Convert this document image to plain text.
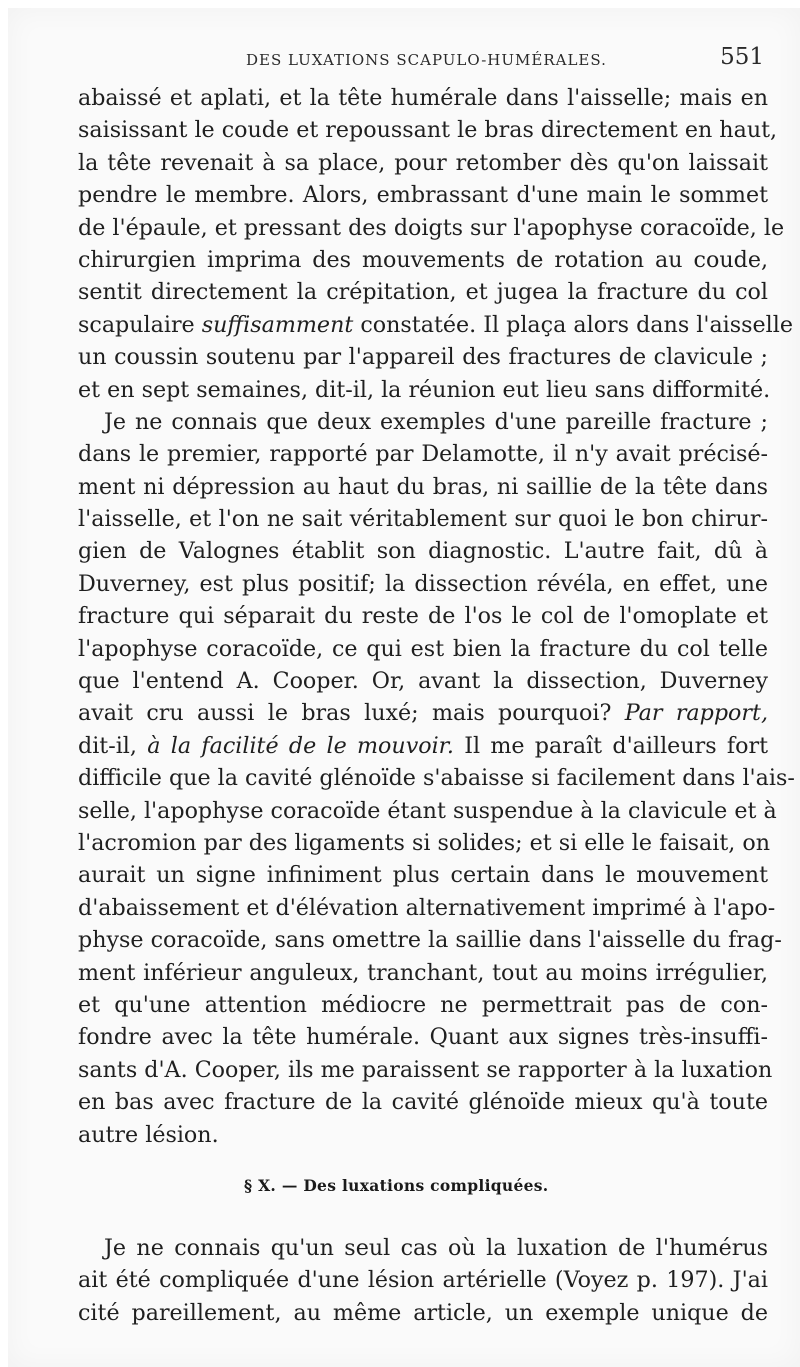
DES LUXATIONS SCAPULO-HUMÉRALES.	551
abaissé et aplati, et la tête humérale dans l'aisselle; mais en
saisissant le coude et repoussant le bras directement en haut,
la tête revenait à sa place, pour retomber dès qu'on laissait
pendre le membre. Alors, embrassant d'une main le sommet
de l'épaule, et pressant des doigts sur l'apophyse coracoïde, le
chirurgien imprima des mouvements de rotation au coude,
sentit directement la crépitation, et jugea la fracture du col
scapulaire suffisamment constatée. Il plaça alors dans l'aisselle
un coussin soutenu par l'appareil des fractures de clavicule ;
et en sept semaines, dit-il, la réunion eut lieu sans difformité.
Je ne connais que deux exemples d'une pareille fracture ;
dans le premier, rapporté par Delamotte, il n'y avait précisé-
ment ni dépression au haut du bras, ni saillie de la tête dans
l'aisselle, et l'on ne sait véritablement sur quoi le bon chirur-
gien de Valognes établit son diagnostic. L'autre fait, dû à
Duverney, est plus positif; la dissection révéla, en effet, une
fracture qui séparait du reste de l'os le col de l'omoplate et
l'apophyse coracoïde, ce qui est bien la fracture du col telle
que l'entend A. Cooper. Or, avant la dissection, Duverney
avait cru aussi le bras luxé; mais pourquoi? Par rapport,
dit-il, à la facilité de le mouvoir. Il me paraît d'ailleurs fort
difficile que la cavité glénoïde s'abaisse si facilement dans l'ais-
selle, l'apophyse coracoïde étant suspendue à la clavicule et à
l'acromion par des ligaments si solides; et si elle le faisait, on
aurait un signe infiniment plus certain dans le mouvement
d'abaissement et d'élévation alternativement imprimé à l'apo-
physe coracoïde, sans omettre la saillie dans l'aisselle du frag-
ment inférieur anguleux, tranchant, tout au moins irrégulier,
et qu'une attention médiocre ne permettrait pas de con-
fondre avec la tête humérale. Quant aux signes très-insuffi-
sants d'A. Cooper, ils me paraissent se rapporter à la luxation
en bas avec fracture de la cavité glénoïde mieux qu'à toute
autre lésion.
§ X. — Des luxations compliquées.
Je ne connais qu'un seul cas où la luxation de l'humérus
ait été compliquée d'une lésion artérielle (Voyez p. 197). J'ai
cité pareillement, au même article, un exemple unique de
